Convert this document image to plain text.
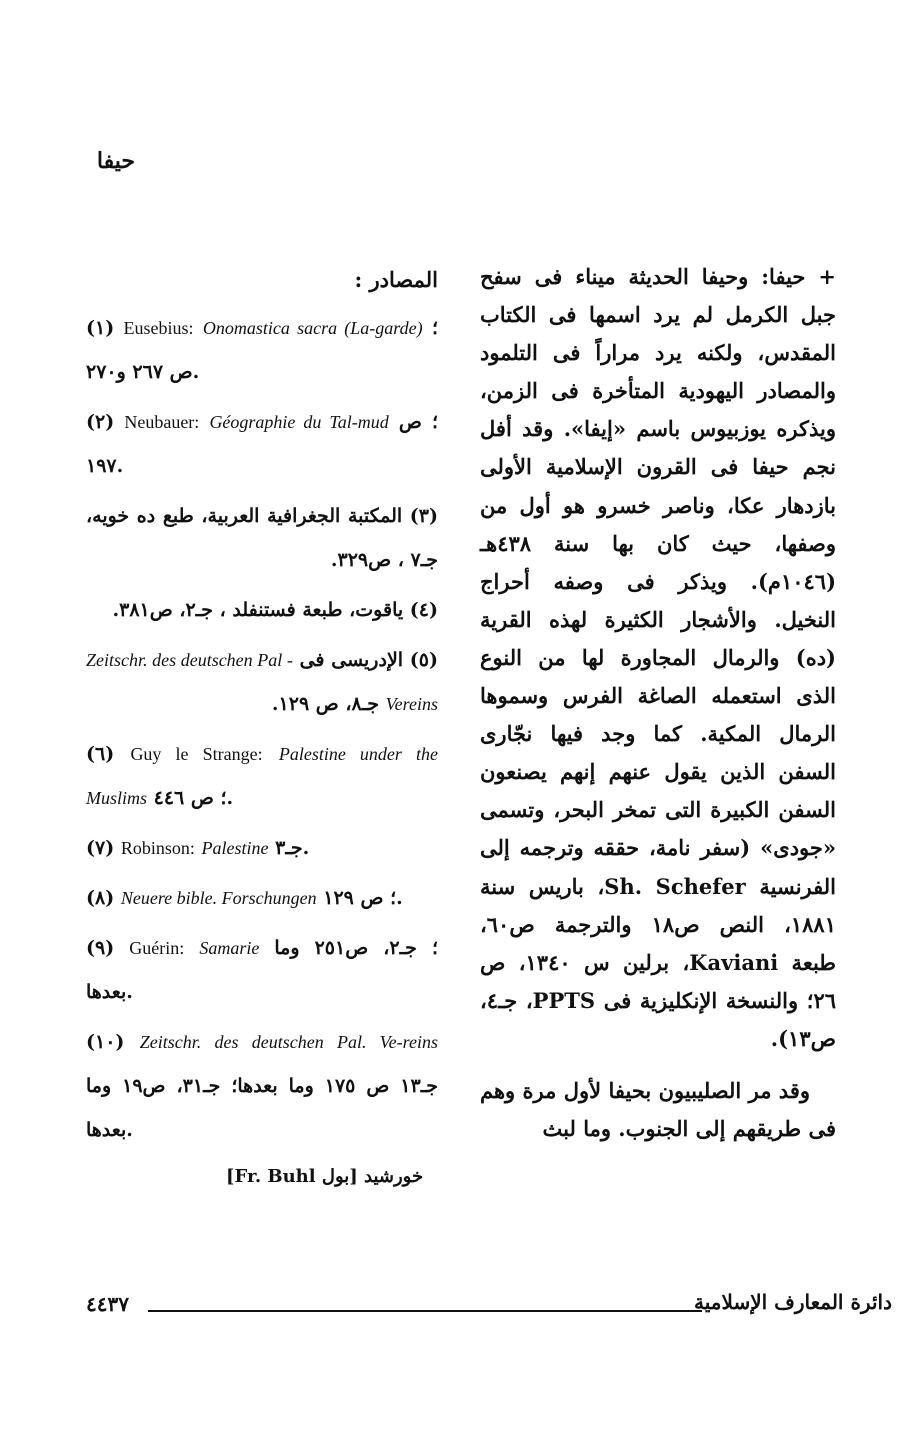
حيفا

+ حيفا: وحيفا الحديثة ميناء فى سفح جبل الكرمل لم يرد اسمها فى الكتاب المقدس، ولكنه يرد مراراً فى التلمود والمصادر اليهودية المتأخرة فى الزمن، ويذكره يوزبيوس باسم «إيفا». وقد أفل نجم حيفا فى القرون الإسلامية الأولى بازدهار عكا، وناصر خسرو هو أول من وصفها، حيث كان بها سنة ٤٣٨هـ (١٠٤٦م). ويذكر فى وصفه أحراج النخيل. والأشجار الكثيرة لهذه القرية (ده) والرمال المجاورة لها من النوع الذى استعمله الصاغة الفرس وسموها الرمال المكية. كما وجد فيها نجّارى السفن الذين يقول عنهم إنهم يصنعون السفن الكبيرة التى تمخر البحر، وتسمى «جودى» (سفر نامة، حققه وترجمه إلى الفرنسية Sh. Schefer، باريس سنة ١٨٨١، النص ص١٨ والترجمة ص٦٠، طبعة Kaviani، برلين س ١٣٤٠، ص ٢٦؛ والنسخة الإنكليزية فى PPTS، جـ٤، ص١٣).

وقد مر الصليبيون بحيفا لأول مرة وهم فى طريقهم إلى الجنوب. وما لبث

المصادر :
(١) Eusebius: Onomastica sacra (La-garde) ؛ ص ٢٦٧ و٢٧٠.
(٢) Neubauer: Géographie du Tal-mud ؛ ص ١٩٧.
(٣) المكتبة الجغرافية العربية، طبع ده خويه، جـ٧ ، ص٣٢٩.
(٤) ياقوت، طبعة فستنفلد ، جـ٢، ص٣٨١.
(٥) الإدريسى فى Zeitschr. des deutschen Pal - Vereins جـ٨، ص ١٢٩.
(٦) Guy le Strange: Palestine under the Muslims ؛ ص ٤٤٦.
(٧) Robinson: Palestine جـ٣.
(٨) Neuere bible. Forschungen ؛ ص ١٢٩.
(٩) Guérin: Samarie ؛ جـ٢، ص٢٥١ وما بعدها.
(١٠) Zeitschr. des deutschen Pal. Ve-reins جـ١٣ ص ١٧٥ وما بعدها؛ جـ٣١، ص١٩ وما بعدها.
خورشيد [بول Fr. Buhl]
٤٤٣٧	دائرة المعارف الإسلامية
